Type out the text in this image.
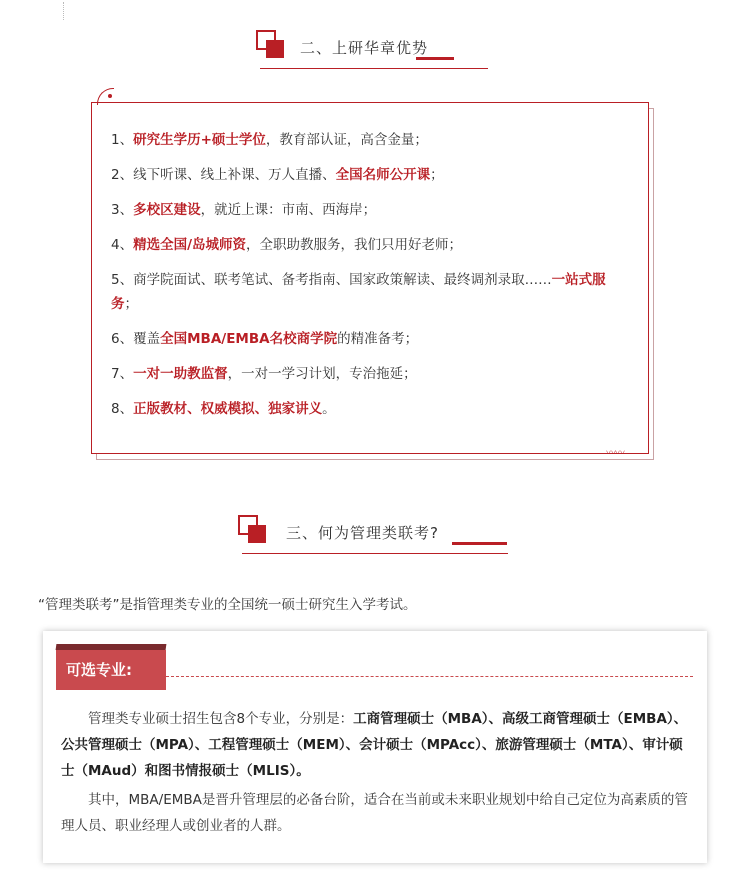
二、上研华章优势
〰〰
1、研究生学历+硕士学位，教育部认证，高含金量；
2、线下听课、线上补课、万人直播、全国名师公开课；
3、多校区建设，就近上课：市南、西海岸；
4、精选全国/岛城师资，全职助教服务，我们只用好老师；
5、商学院面试、联考笔试、备考指南、国家政策解读、最终调剂录取……一站式服务；
6、覆盖全国MBA/EMBA名校商学院的精准备考；
7、一对一助教监督，一对一学习计划，专治拖延；
8、正版教材、权威模拟、独家讲义。
三、何为管理类联考?
“管理类联考”是指管理类专业的全国统一硕士研究生入学考试。
可选专业:

管理类专业硕士招生包含8个专业，分别是：工商管理硕士（MBA）、高级工商管理硕士（EMBA）、公共管理硕士（MPA）、工程管理硕士（MEM）、会计硕士（MPAcc）、旅游管理硕士（MTA）、审计硕士（MAud）和图书情报硕士（MLIS）。

其中，MBA/EMBA是晋升管理层的必备台阶，适合在当前或未来职业规划中给自己定位为高素质的管理人员、职业经理人或创业者的人群。
